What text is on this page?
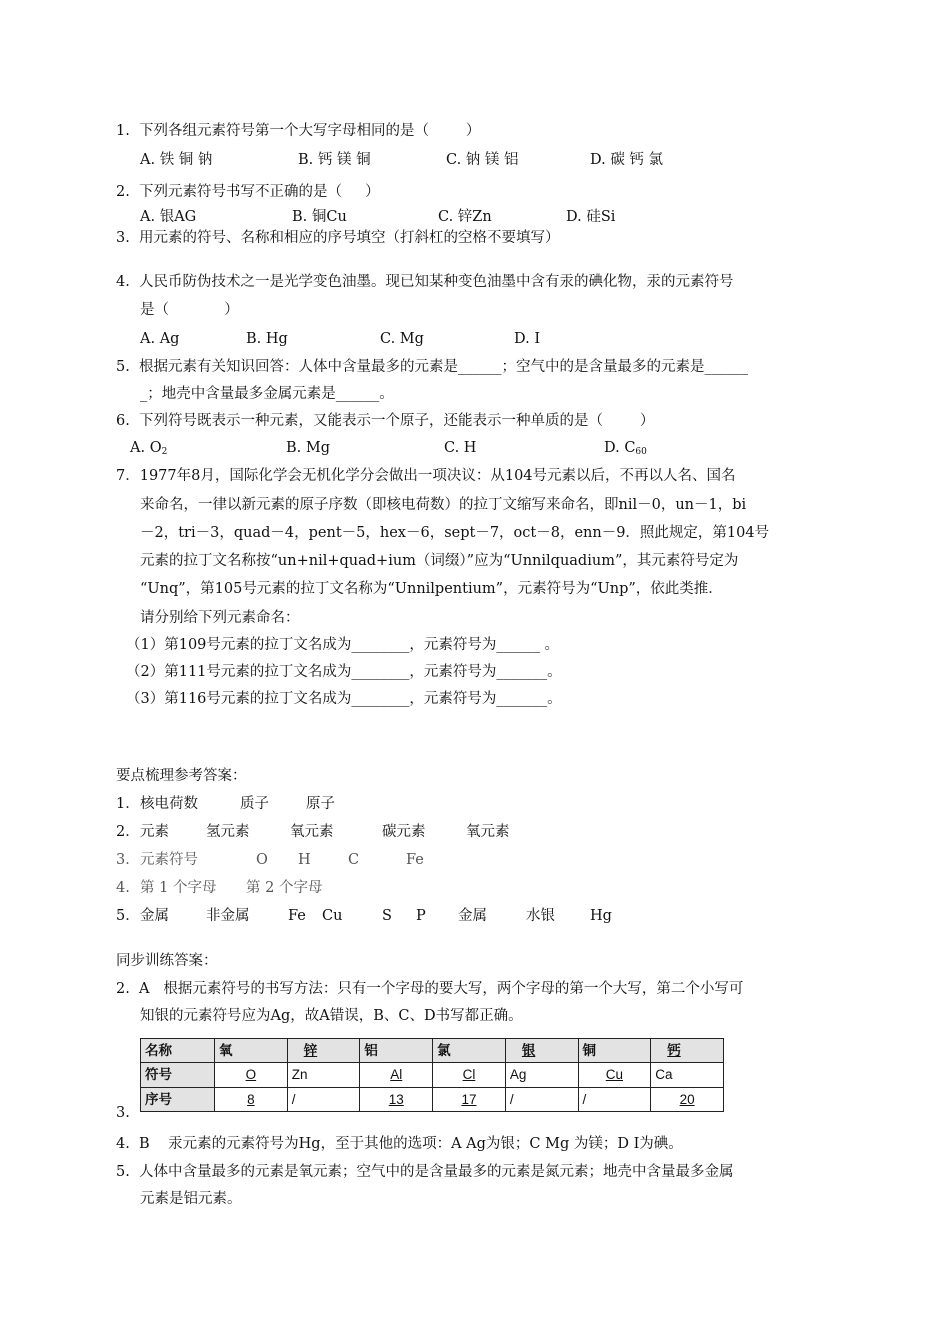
1.  下列各组元素符号第一个大写字母相同的是（        ）
A. 铁 铜 钠	B. 钙 镁 铜	C. 钠 镁 铝	D. 碳 钙 氯
2.  下列元素符号书写不正确的是（     ）
A. 银AG	B. 铜Cu	C. 锌Zn	D. 硅Si
3.  用元素的符号、名称和相应的序号填空（打斜杠的空格不要填写）
4.  人民币防伪技术之一是光学变色油墨。现已知某种变色油墨中含有汞的碘化物，汞的元素符号
是（            ）
A. Ag	B. Hg	C. Mg	D. I
5.  根据元素有关知识回答：人体中含量最多的元素是______；空气中的是含量最多的元素是______
_；地壳中含量最多金属元素是______。
6.  下列符号既表示一种元素，又能表示一个原子，还能表示一种单质的是（        ）
A. $O_2$	B. Mg	C. H	D. $C_{60}$
7．1977年8月，国际化学会无机化学分会做出一项决议：从104号元素以后，不再以人名、国名
来命名，一律以新元素的原子序数（即核电荷数）的拉丁文缩写来命名，即nil－0，un－1，bi
－2，tri－3，quad－4，pent－5，hex－6，sept－7，oct－8，enn－9．照此规定，第104号
元素的拉丁文名称按“un+nil+quad+ium（词缀）”应为“Unnilquadium”，其元素符号定为
“Unq”，第105号元素的拉丁文名称为“Unnilpentium”，元素符号为“Unp”，依此类推．
请分别给下列元素命名：
（1）第109号元素的拉丁文名成为________，元素符号为______ 。
（2）第111号元素的拉丁文名成为________，元素符号为_______。
（3）第116号元素的拉丁文名成为________，元素符号为_______。
要点梳理参考答案：
1． 核电荷数	质子	原子
2． 元素	氢元素	氧元素	碳元素	氧元素
3． 元素符号	O H	C	Fe
4. 第 1 个字母 第 2 个字母
5． 金属	非金属	Fe Cu	S P 金属	水银 Hg
同步训练答案：
2.  A   根据元素符号的书写方法：只有一个字母的要大写，两个字母的第一个大写，第二个小写可
知银的元素符号应为Ag，故A错误，B、C、D书写都正确。
名称	氧	锌	铝	氯	银	铜	钙
符号	O	Zn	Al	Cl	Ag	Cu	Ca
序号	8	/	13	17	/	/	20
3.
4.  B    汞元素的元素符号为Hg，至于其他的选项：A Ag为银；C Mg 为镁；D I为碘。
5.  人体中含量最多的元素是氧元素；空气中的是含量最多的元素是氮元素；地壳中含量最多金属
元素是铝元素。
